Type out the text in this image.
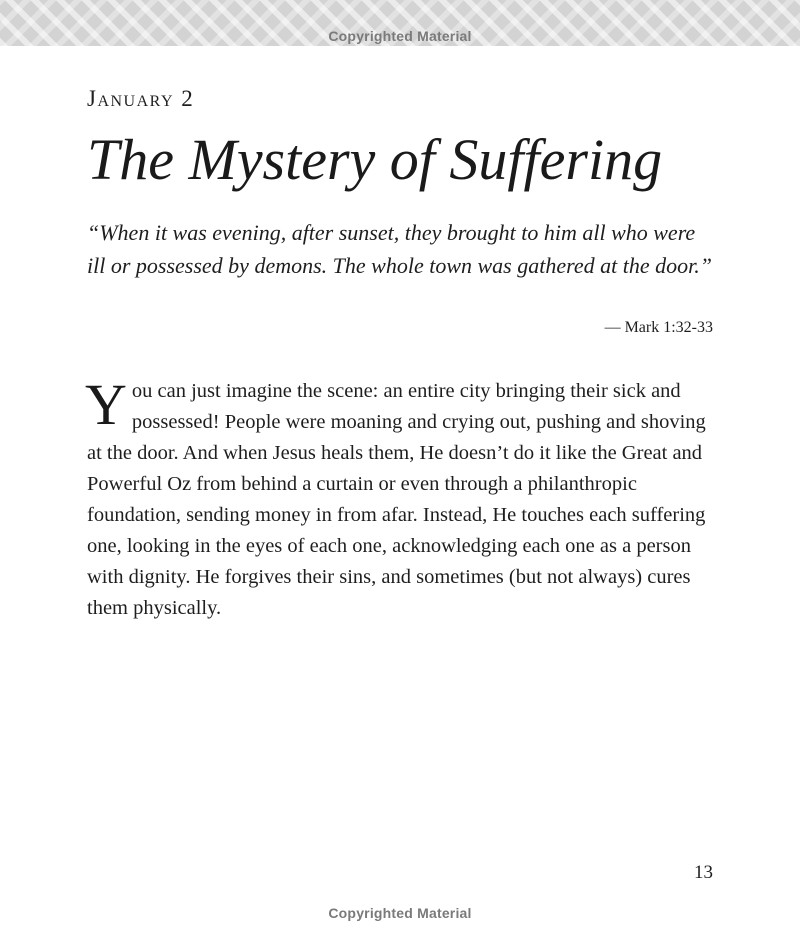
Copyrighted Material
January 2
The Mystery of Suffering

“When it was evening, after sunset, they brought to him all who were ill or possessed by demons. The whole town was gathered at the door.”

— Mark 1:32-33

You can just imagine the scene: an entire city bringing their sick and possessed! People were moaning and crying out, pushing and shoving at the door. And when Jesus heals them, He doesn’t do it like the Great and Powerful Oz from behind a curtain or even through a philanthropic foundation, sending money in from afar. Instead, He touches each suffering one, looking in the eyes of each one, acknowledging each one as a person with dignity. He forgives their sins, and sometimes (but not always) cures them physically.

13
Copyrighted Material
